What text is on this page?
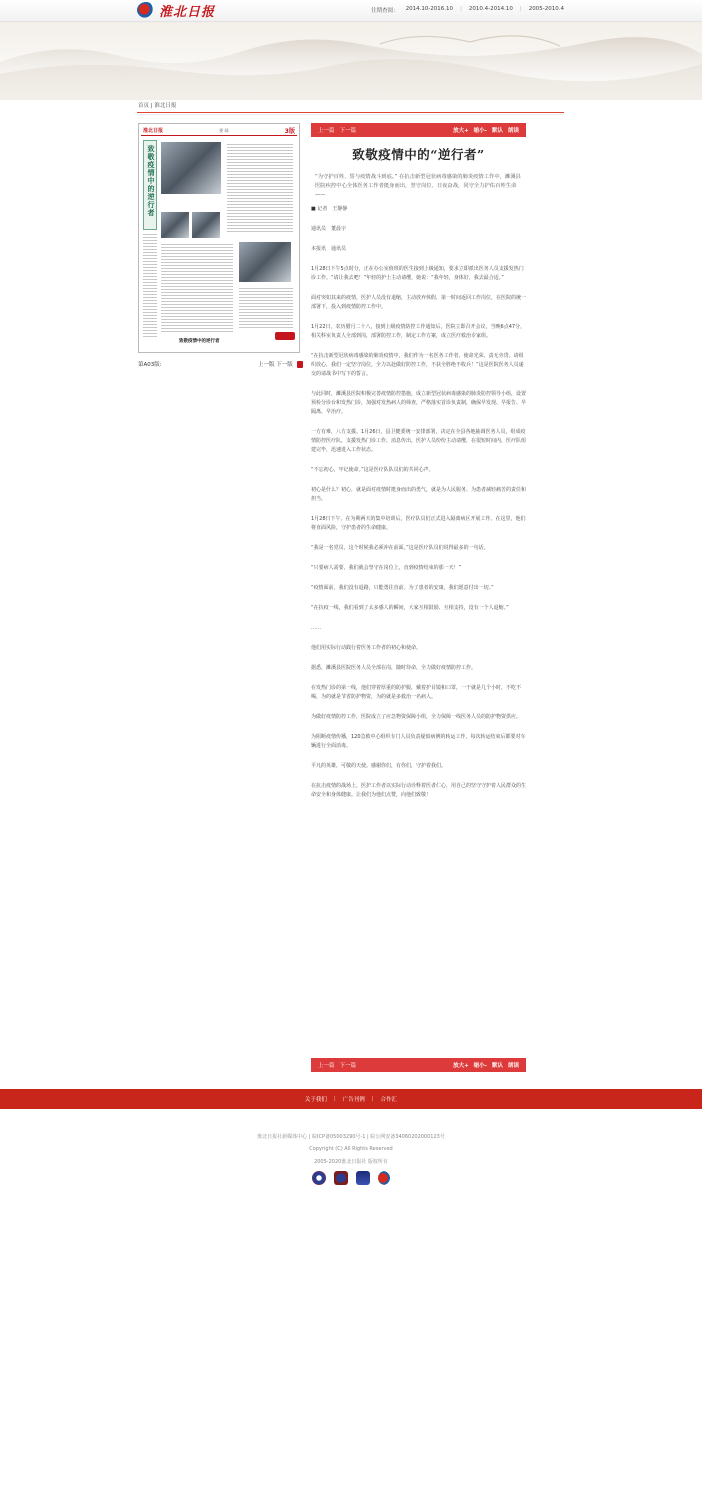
淮北日报	往期查阅： 2014.10-2016.10 | 2010.4-2014.10 | 2005-2010.4
首页 | 淮北日报
淮北日报	要 闻	3版
致敬疫情中的逆行者
致敬疫情中的逆行者
第A03版:	上一版 下一版
上一篇 下一篇	放大+ 缩小- 默认 朗读
致敬疫情中的“逆行者”
“为守护百姓，誓与疫情战斗到底。” 在抗击新型冠状病毒感染的肺炎疫情工作中，濉溪县医院疾控中心全体医务工作者挺身而出，坚守岗位、日夜奋战，同守全力护佑百姓生命——

■ 记者　王静静

通讯员　董晨宇

本报讯　通讯员

1月28日下午5点时分，正在办公室值班的医生接到上级通知，要求立即派出医务人员支援发热门诊工作。“请让我去吧！”年轻的护士主动请缨，她说：“我年轻，身体好，我去最合适。”

面对突如其来的疫情，医护人员没有退缩，主动放弃休假，第一时间返回工作岗位，在医院的统一部署下，投入到疫情防控工作中。

1月22日，农历腊月二十八，接到上级疫情防控工作通知后，医院立即召开会议，当晚6点47分，相关科室负责人全部到岗，部署防控工作，制定工作方案，成立医疗救治专家组。

“在抗击新型冠状病毒感染的肺炎疫情中，我们作为一名医务工作者，使命光荣、责无旁贷。请组织放心，我们一定坚守岗位，全力以赴做好防控工作，不获全胜绝不收兵！”这是医院医务人员递交的请战书中写下的誓言。

与此同时，濉溪县医院积极完善疫情防控措施，成立新型冠状病毒感染的肺炎防控领导小组，设置预检分诊台和发热门诊，加强对发热病人的筛查，严格落实首诊负责制，确保早发现、早报告、早隔离、早治疗。

一方有难，八方支援。1月26日，县卫健委统一安排部署，决定在全县各地抽调医务人员，组成疫情防控医疗队，支援发热门诊工作。消息传出，医护人员纷纷主动请缨，在很短时间内，医疗队组建完毕，迅速进入工作状态。

“不忘初心，牢记使命。”这是医疗队队员们的共同心声。

初心是什么？初心，就是面对疫情时挺身而出的勇气，就是为人民服务、为患者减轻痛苦的责任和担当。

1月28日下午，在为期两天的集中培训后，医疗队员们正式进入隔离病区开展工作。在这里，他们将直面风险，守护患者的生命健康。

“我是一名党员，这个时候我必须冲在前面。”这是医疗队员们说得最多的一句话。

“只要病人需要，我们就会坚守在岗位上，直到疫情结束的那一天！”

“疫情面前，我们没有退路，只能勇往直前。为了患者的安康，我们愿意付出一切。”

“在抗疫一线，我们看到了太多感人的瞬间，大家互相鼓励、互相支持，没有一个人退缩。”

……

他们用实际行动践行着医务工作者的初心和使命。

据悉，濉溪县医院医务人员全部在岗，随时待命，全力做好疫情防控工作。

在发热门诊的第一线，他们穿着厚重的防护服，戴着护目镜和口罩，一干就是几个小时，不吃不喝，为的就是节省防护物资，为的就是多救治一名病人。

为做好疫情防控工作，医院成立了应急物资保障小组，全力保障一线医务人员的防护物资供应。

为阻断疫情传播，120急救中心组织专门人员负责疑似病例的转运工作，每次转运结束后都要对车辆进行全面消毒。

平凡的英雄，可敬的天使。感谢你们，有你们，守护着我们。

在抗击疫情的战场上，医护工作者以实际行动诠释着医者仁心，用自己的坚守守护着人民群众的生命安全和身体健康。让我们为他们点赞，向他们致敬！

上一篇 下一篇	放大+ 缩小- 默认 朗读
关于我们 | 广告刊例 | 合作汇
淮北日报社新媒体中心 | 皖ICP备05003290号-1 | 皖公网安备34060202000123号
Copyright (C) All Rights Reserved
2005-2020淮北日报社 版权所有
